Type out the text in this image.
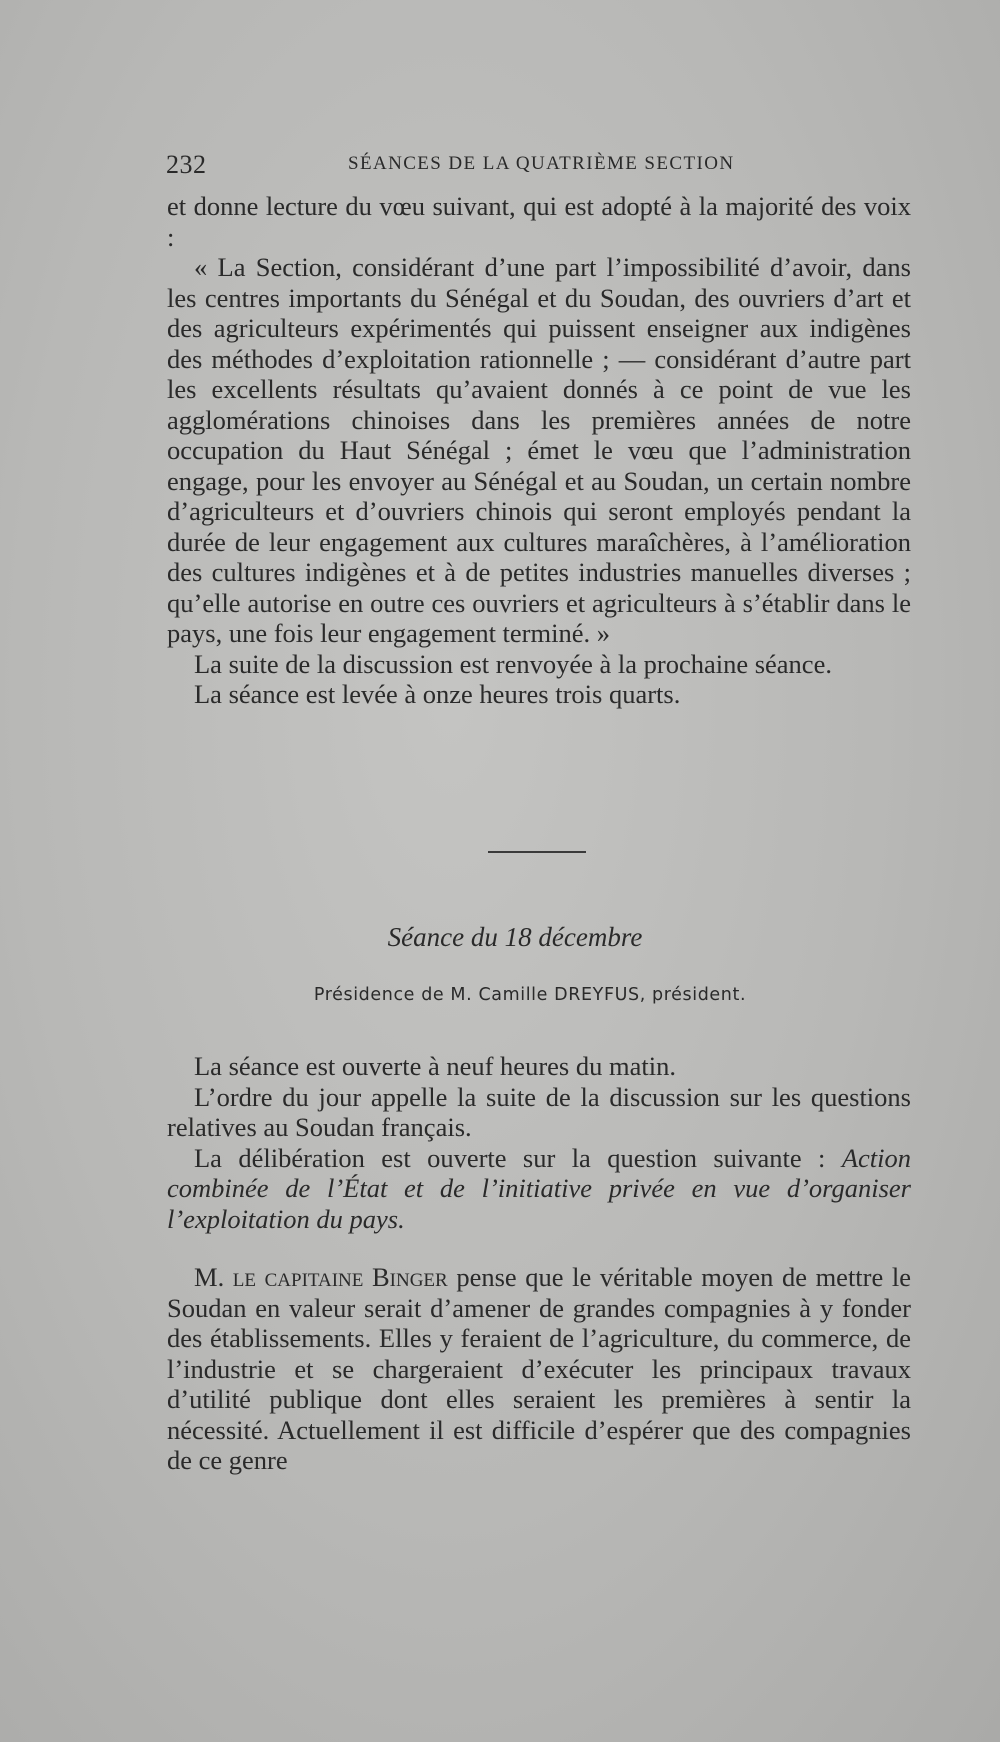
232	SÉANCES DE LA QUATRIÈME SECTION

et donne lecture du vœu suivant, qui est adopté à la majorité des voix :

« La Section, considérant d’une part l’impossibilité d’avoir, dans les centres importants du Sénégal et du Soudan, des ouvriers d’art et des agriculteurs expérimentés qui puissent enseigner aux indigènes des méthodes d’exploitation rationnelle ; — considérant d’autre part les excellents résultats qu’avaient donnés à ce point de vue les agglomérations chinoises dans les premières années de notre occupation du Haut Sénégal ; émet le vœu que l’administration engage, pour les envoyer au Sénégal et au Soudan, un certain nombre d’agriculteurs et d’ouvriers chinois qui seront employés pendant la durée de leur engagement aux cultures maraîchères, à l’amélioration des cultures indigènes et à de petites industries manuelles diverses ; qu’elle autorise en outre ces ouvriers et agriculteurs à s’établir dans le pays, une fois leur engagement terminé. »

La suite de la discussion est renvoyée à la prochaine séance.

La séance est levée à onze heures trois quarts.

Séance du 18 décembre
Présidence de M. Camille DREYFUS, président.

La séance est ouverte à neuf heures du matin.

L’ordre du jour appelle la suite de la discussion sur les questions relatives au Soudan français.

La délibération est ouverte sur la question suivante : Action combinée de l’État et de l’initiative privée en vue d’organiser l’exploitation du pays.

M. le capitaine Binger pense que le véritable moyen de mettre le Soudan en valeur serait d’amener de grandes compagnies à y fonder des établissements. Elles y feraient de l’agriculture, du commerce, de l’industrie et se chargeraient d’exécuter les principaux travaux d’utilité publique dont elles seraient les premières à sentir la nécessité. Actuellement il est difficile d’espérer que des compagnies de ce genre
